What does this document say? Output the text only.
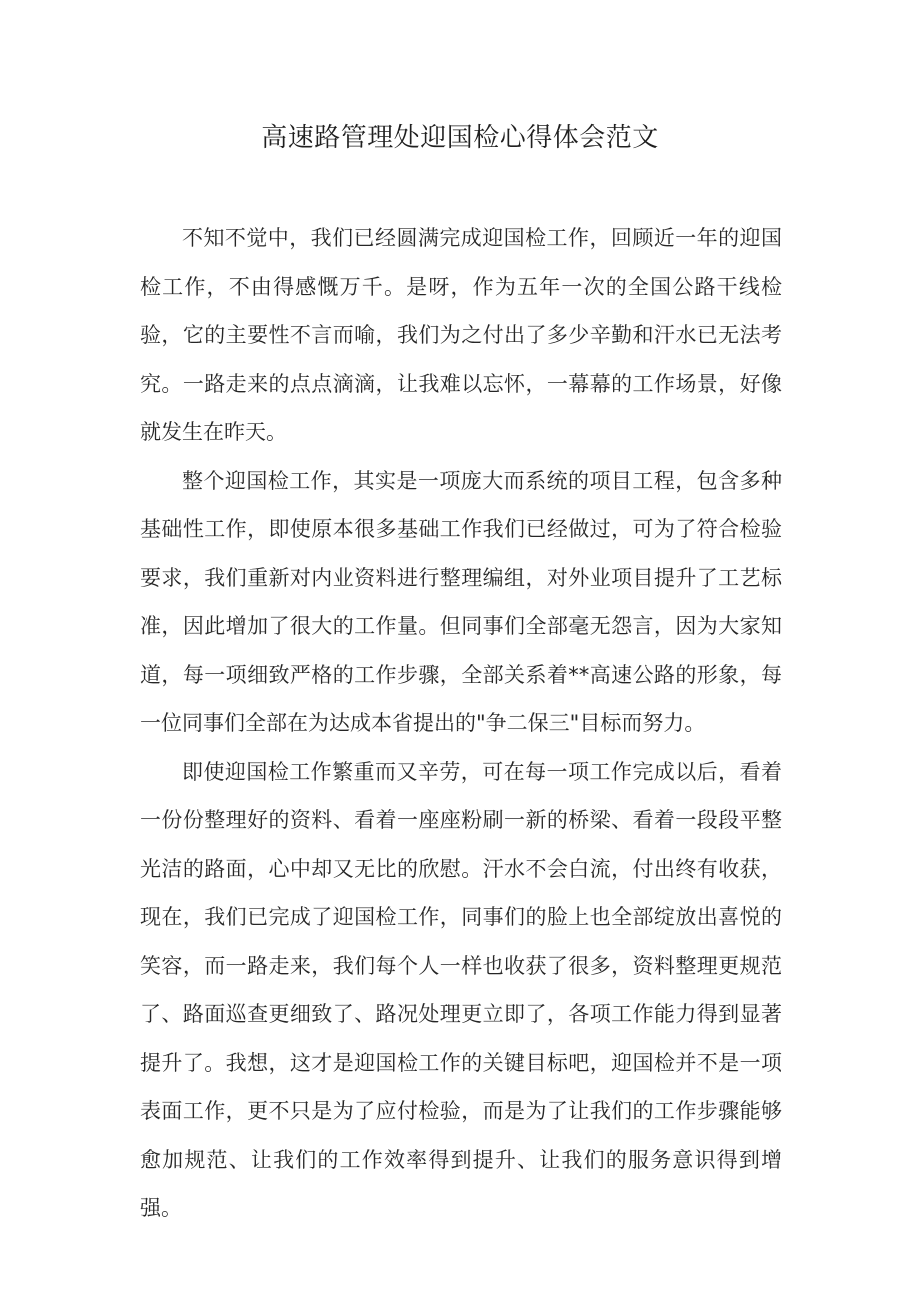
高速路管理处迎国检心得体会范文

不知不觉中，我们已经圆满完成迎国检工作，回顾近一年的迎国检工作，不由得感慨万千。是呀，作为五年一次的全国公路干线检验，它的主要性不言而喻，我们为之付出了多少辛勤和汗水已无法考究。一路走来的点点滴滴，让我难以忘怀，一幕幕的工作场景，好像就发生在昨天。

整个迎国检工作，其实是一项庞大而系统的项目工程，包含多种基础性工作，即使原本很多基础工作我们已经做过，可为了符合检验要求，我们重新对内业资料进行整理编组，对外业项目提升了工艺标准，因此增加了很大的工作量。但同事们全部毫无怨言，因为大家知道，每一项细致严格的工作步骤，全部关系着**高速公路的形象，每一位同事们全部在为达成本省提出的"争二保三"目标而努力。

即使迎国检工作繁重而又辛劳，可在每一项工作完成以后，看着一份份整理好的资料、看着一座座粉刷一新的桥梁、看着一段段平整光洁的路面，心中却又无比的欣慰。汗水不会白流，付出终有收获，现在，我们已完成了迎国检工作，同事们的脸上也全部绽放出喜悦的笑容，而一路走来，我们每个人一样也收获了很多，资料整理更规范了、路面巡查更细致了、路况处理更立即了，各项工作能力得到显著提升了。我想，这才是迎国检工作的关键目标吧，迎国检并不是一项表面工作，更不只是为了应付检验，而是为了让我们的工作步骤能够愈加规范、让我们的工作效率得到提升、让我们的服务意识得到增强。
